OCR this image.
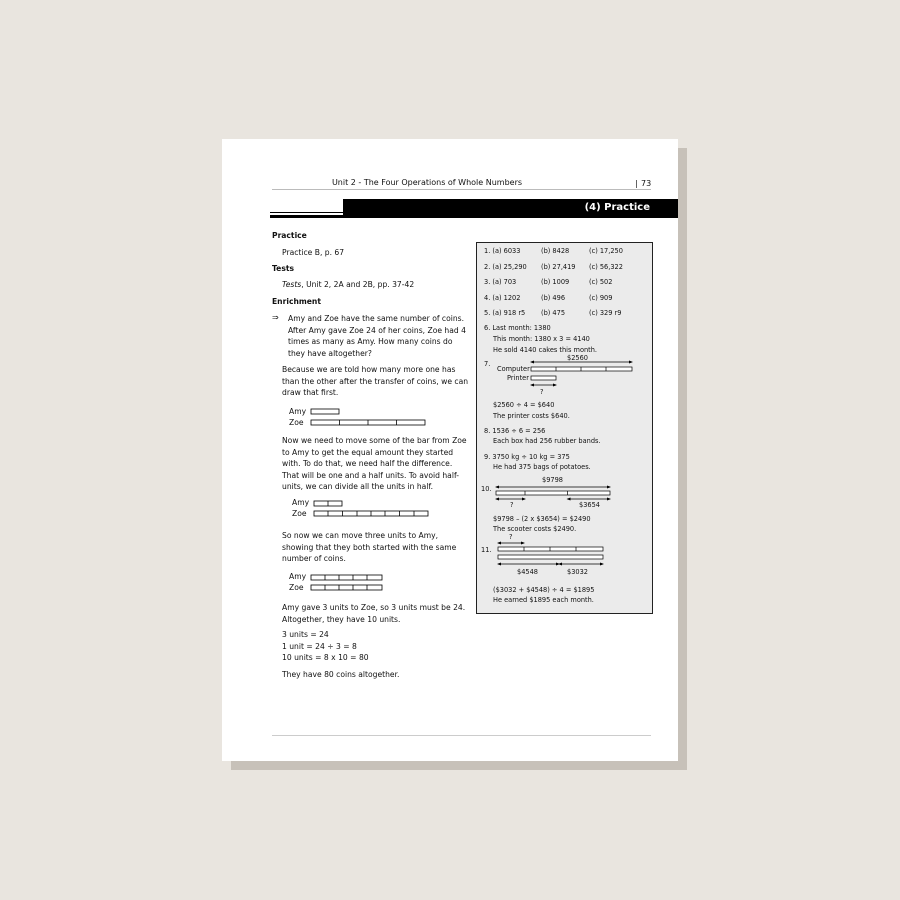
Unit 2 - The Four Operations of Whole Numbers	| 73
(4) Practice
Practice
Practice B, p. 67
Tests
Tests, Unit 2, 2A and 2B, pp. 37-42
Enrichment
⇒ Amy and Zoe have the same number of coins.
After Amy gave Zoe 24 of her coins, Zoe had 4
times as many as Amy. How many coins do
they have altogether?
Because we are told how many more one has
than the other after the transfer of coins, we can
draw that first.
Amy
Zoe
Now we need to move some of the bar from Zoe
to Amy to get the equal amount they started
with. To do that, we need half the difference.
That will be one and a half units. To avoid half-
units, we can divide all the units in half.
Amy
Zoe
So now we can move three units to Amy,
showing that they both started with the same
number of coins.
Amy
Zoe
Amy gave 3 units to Zoe, so 3 units must be 24.
Altogether, they have 10 units.
3 units = 24
1 unit = 24 ÷ 3 = 8
10 units = 8 x 10 = 80
They have 80 coins altogether.
1. (a) 6033	(b) 8428	(c) 17,250
2. (a) 25,290 (b) 27,419 (c) 56,322
3. (a) 703	(b) 1009	(c) 502
4. (a) 1202	(b) 496	(c) 909
5. (a) 918 r5 (b) 475	(c) 329 r9
6. Last month: 1380
This month: 1380 x 3 = 4140
He sold 4140 cakes this month.
7.
$2560
Computer
Printer
?
$2560 ÷ 4 = $640
The printer costs $640.
8. 1536 ÷ 6 = 256
Each box had 256 rubber bands.
9. 3750 kg ÷ 10 kg = 375
He had 375 bags of potatoes.
10.
$9798
?	$3654
$9798 – (2 x $3654) = $2490
The scooter costs $2490.
11.
?
$4548	$3032
($3032 + $4548) ÷ 4 = $1895
He earned $1895 each month.
